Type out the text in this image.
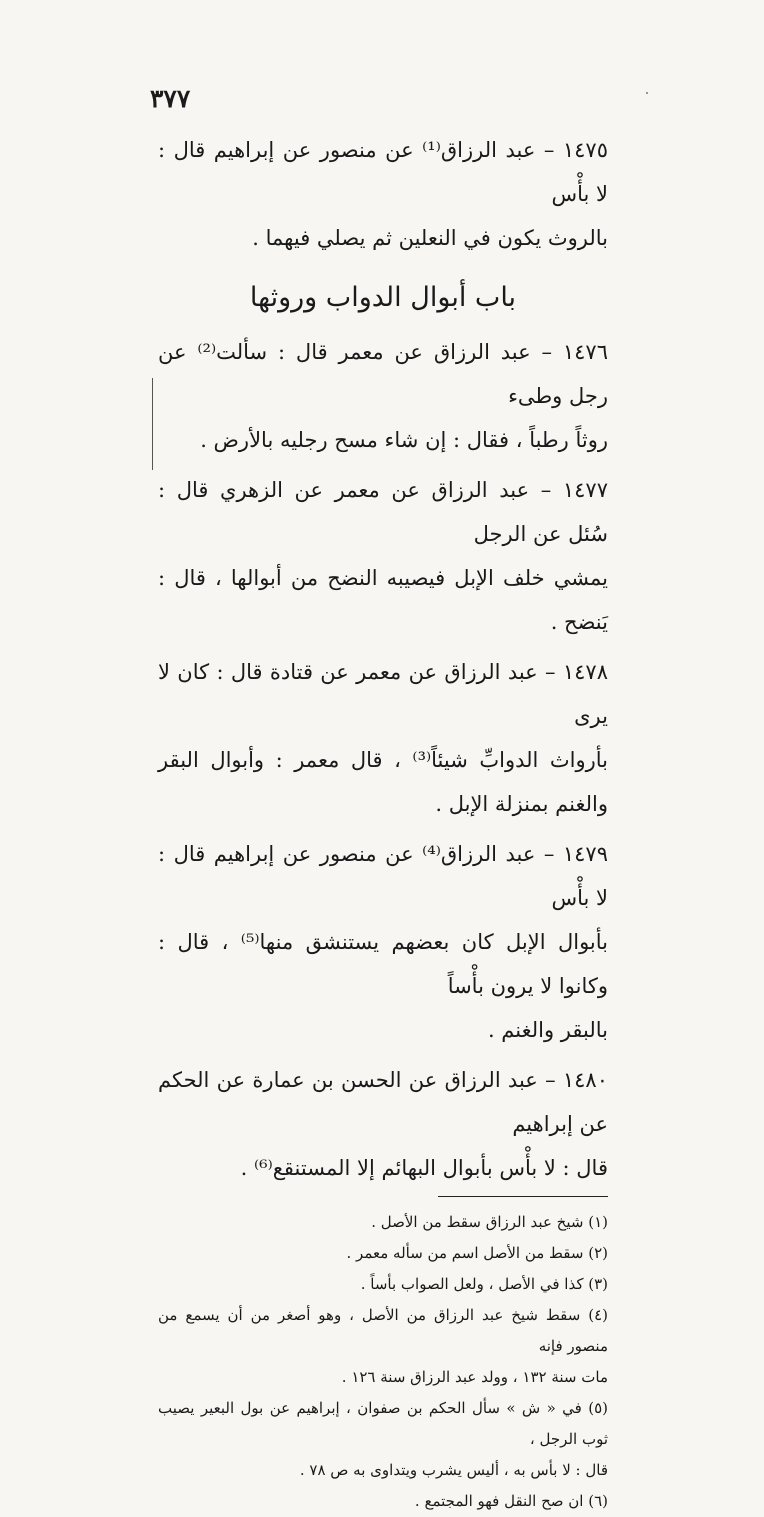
٣٧٧
١٤٧٥ – عبد الرزاق⁽¹⁾ عن منصور عن إبراهيم قال : لا بأْس
بالروث يكون في النعلين ثم يصلي فيهما .
باب أبوال الدواب وروثها
١٤٧٦ – عبد الرزاق عن معمر قال : سألت⁽²⁾ عن رجل وطىء
روثاً رطباً ، فقال : إن شاء مسح رجليه بالأرض .
١٤٧٧ – عبد الرزاق عن معمر عن الزهري قال : سُئل عن الرجل
يمشي خلف الإبل فيصيبه النضح من أبوالها ، قال : يَنضح .
١٤٧٨ – عبد الرزاق عن معمر عن قتادة قال : كان لا يرى
بأرواث الدوابِّ شيئاً⁽³⁾ ، قال معمر : وأبوال البقر والغنم بمنزلة الإبل .
١٤٧٩ – عبد الرزاق⁽⁴⁾ عن منصور عن إبراهيم قال : لا بأْس
بأبوال الإبل كان بعضهم يستنشق منها⁽⁵⁾ ، قال : وكانوا لا يرون بأْساً
بالبقر والغنم .
١٤٨٠ – عبد الرزاق عن الحسن بن عمارة عن الحكم عن إبراهيم
قال : لا بأْس بأبوال البهائم إلا المستنقع⁽⁶⁾ .
(١) شيخ عبد الرزاق سقط من الأصل .
(٢) سقط من الأصل اسم من سأله معمر .
(٣) كذا في الأصل ، ولعل الصواب بأساً .
(٤) سقط شيخ عبد الرزاق من الأصل ، وهو أصغر من أن يسمع من منصور فإنه
مات سنة ١٣٢ ، وولد عبد الرزاق سنة ١٢٦ .
(٥) في « ش » سأل الحكم بن صفوان ، إبراهيم عن بول البعير يصيب ثوب الرجل ،
قال : لا بأس به ، أليس يشرب ويتداوى به ص ٧٨ .
(٦) ان صح النقل فهو المجتمع .
